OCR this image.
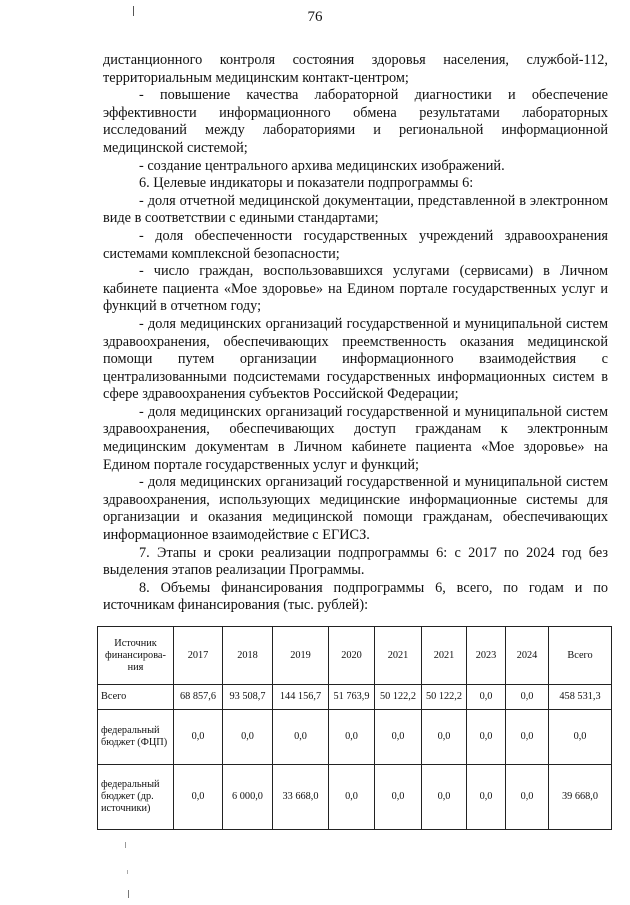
76

дистанционного контроля состояния здоровья населения, службой-112, территориальным медицинским контакт-центром;

- повышение качества лабораторной диагностики и обеспечение эффективности информационного обмена результатами лабораторных исследований между лабораториями и региональной информационной медицинской системой;

- создание центрального архива медицинских изображений.

6. Целевые индикаторы и показатели подпрограммы 6:

- доля отчетной медицинской документации, представленной в электронном виде в соответствии с едиными стандартами;

- доля обеспеченности государственных учреждений здравоохранения системами комплексной безопасности;

- число граждан, воспользовавшихся услугами (сервисами) в Личном кабинете пациента «Мое здоровье» на Едином портале государственных услуг и функций в отчетном году;

- доля медицинских организаций государственной и муниципальной систем здравоохранения, обеспечивающих преемственность оказания медицинской помощи путем организации информационного взаимодействия с централизованными подсистемами государственных информационных систем в сфере здравоохранения субъектов Российской Федерации;

- доля медицинских организаций государственной и муниципальной систем здравоохранения, обеспечивающих доступ гражданам к электронным медицинским документам в Личном кабинете пациента «Мое здоровье» на Едином портале государственных услуг и функций;

- доля медицинских организаций государственной и муниципальной систем здравоохранения, использующих медицинские информационные системы для организации и оказания медицинской помощи гражданам, обеспечивающих информационное взаимодействие с ЕГИСЗ.

7. Этапы и сроки реализации подпрограммы 6: с 2017 по 2024 год без выделения этапов реализации Программы.

8. Объемы финансирования подпрограммы 6, всего, по годам и по источникам финансирования (тыс. рублей):

Источник финансирова-ния	2017	2018	2019	2020	2021	2021	2023	2024	Всего
Всего	68 857,6	93 508,7	144 156,7	51 763,9	50 122,2	50 122,2	0,0	0,0	458 531,3
федеральный бюджет (ФЦП)	0,0	0,0	0,0	0,0	0,0	0,0	0,0	0,0	0,0
федеральный бюджет (др. источники)	0,0	6 000,0	33 668,0	0,0	0,0	0,0	0,0	0,0	39 668,0
